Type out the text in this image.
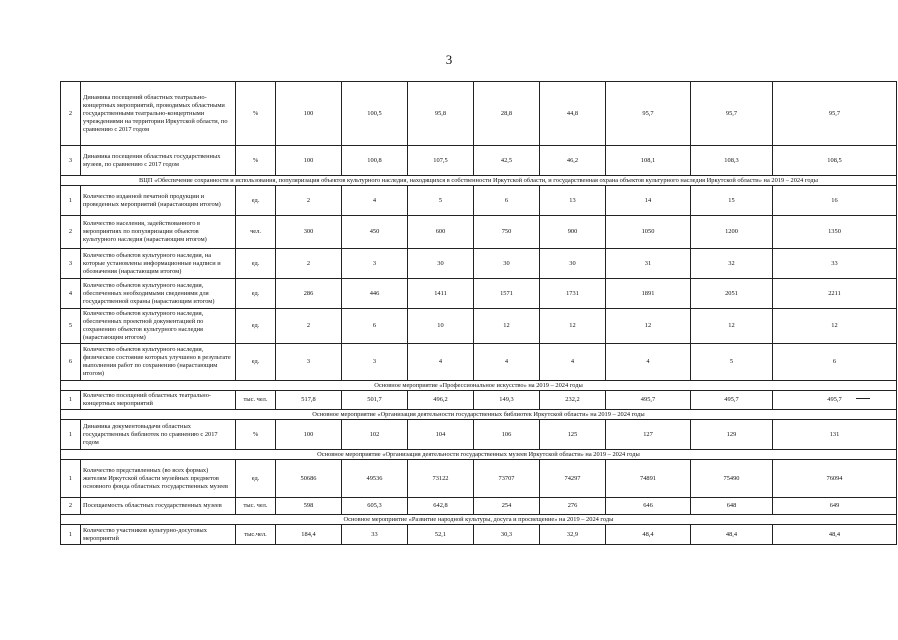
3
2	Динамика посещений областных театрально-концертных мероприятий, проводимых областными государственными театрально-концертными учреждениями на территории Иркутской области, по сравнению с 2017 годом	%	100	100,5	95,8	28,8	44,8	95,7	95,7	95,7
3	Динамика посещения областных государственных музеев, по сравнению с 2017 годом	%	100	100,8	107,5	42,5	46,2	108,1	108,3	108,5
ВЦП «Обеспечение сохранности и использования, популяризация объектов культурного наследия, находящихся в собственности Иркутской области, и государственная охрана объектов культурного наследия Иркутской области» на 2019 – 2024 годы										
1	Количество изданной печатной продукции и проведенных мероприятий (нарастающим итогом)	ед.	2	4	5	6	13	14	15	16
2	Количество населения, задействованного в мероприятиях по популяризации объектов культурного наследия (нарастающим итогом)	чел.	300	450	600	750	900	1050	1200	1350
3	Количество объектов культурного наследия, на которые установлены информационные надписи и обозначения (нарастающим итогом)	ед.	2	3	30	30	30	31	32	33
4	Количество объектов культурного наследия, обеспеченных необходимыми сведениями для государственной охраны (нарастающим итогом)	ед.	286	446	1411	1571	1731	1891	2051	2211
5	Количество объектов культурного наследия, обеспеченных проектной документацией по сохранению объектов культурного наследия (нарастающим итогом)	ед.	2	6	10	12	12	12	12	12
6	Количество объектов культурного наследия, физическое состояние которых улучшено в результате выполнения работ по сохранению (нарастающим итогом)	ед.	3	3	4	4	4	4	5	6
Основное мероприятие «Профессиональное искусство» на 2019 – 2024 годы										
1	Количество посещений областных театрально-концертных мероприятий	тыс. чел.	517,8	501,7	496,2	149,3	232,2	495,7	495,7	495,7
Основное мероприятие «Организация деятельности государственных библиотек Иркутской области» на 2019 – 2024 годы										
1	Динамика документовыдачи областных государственных библиотек по сравнению с 2017 годом	%	100	102	104	106	125	127	129	131
Основное мероприятие «Организация деятельности государственных музеев Иркутской области» на 2019 – 2024 годы										
1	Количество представленных (во всех формах) жителям Иркутской области музейных предметов основного фонда областных государственных музеев	ед.	50686	49536	73122	73707	74297	74891	75490	76094
2	Посещаемость областных государственных музеев	тыс. чел.	598	605,3	642,8	254	276	646	648	649
Основное мероприятие «Развитие народной культуры, досуга и просвещение» на 2019 – 2024 годы										
1	Количество участников культурно-досуговых мероприятий	тыс.чел.	184,4	33	52,1	30,3	32,9	48,4	48,4	48,4
